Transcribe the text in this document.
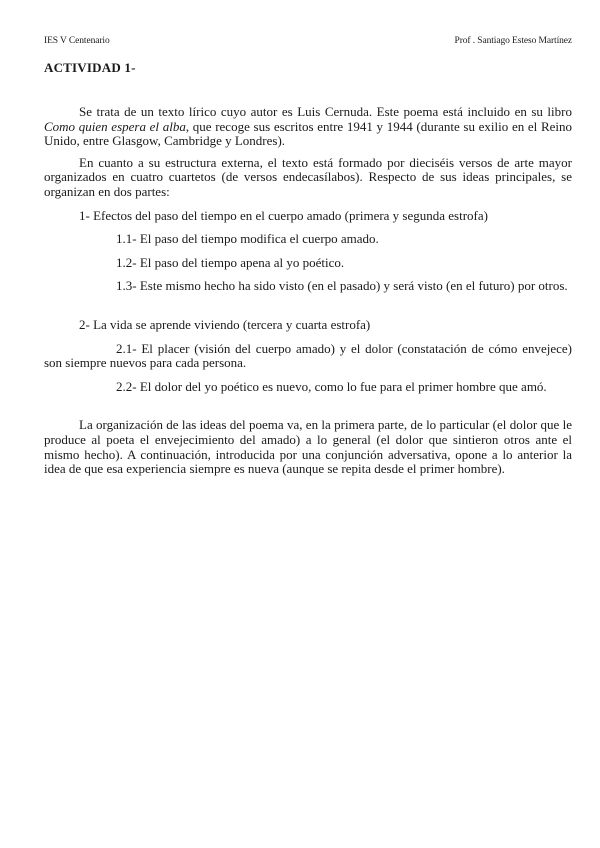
IES V Centenario	Prof . Santiago Esteso Martínez
ACTIVIDAD 1-

Se trata de un texto lírico cuyo autor es Luis Cernuda. Este poema está incluido en su libro Como quien espera el alba, que recoge sus escritos entre 1941 y 1944 (durante su exilio en el Reino Unido, entre Glasgow, Cambridge y Londres).

En cuanto a su estructura externa, el texto está formado por dieciséis versos de arte mayor organizados en cuatro cuartetos (de versos endecasílabos). Respecto de sus ideas principales, se organizan en dos partes:

1- Efectos del paso del tiempo en el cuerpo amado (primera y segunda estrofa)

1.1- El paso del tiempo modifica el cuerpo amado.

1.2- El paso del tiempo apena al yo poético.

1.3- Este mismo hecho ha sido visto (en el pasado) y será visto (en el futuro) por otros.

2- La vida se aprende viviendo (tercera y cuarta estrofa)

2.1- El placer (visión del cuerpo amado) y el dolor (constatación de cómo envejece) son siempre nuevos para cada persona.

2.2- El dolor del yo poético es nuevo, como lo fue para el primer hombre que amó.

La organización de las ideas del poema va, en la primera parte, de lo particular (el dolor que le produce al poeta el envejecimiento del amado) a lo general (el dolor que sintieron otros ante el mismo hecho). A continuación, introducida por una conjunción adversativa, opone a lo anterior la idea de que esa experiencia siempre es nueva (aunque se repita desde el primer hombre).
